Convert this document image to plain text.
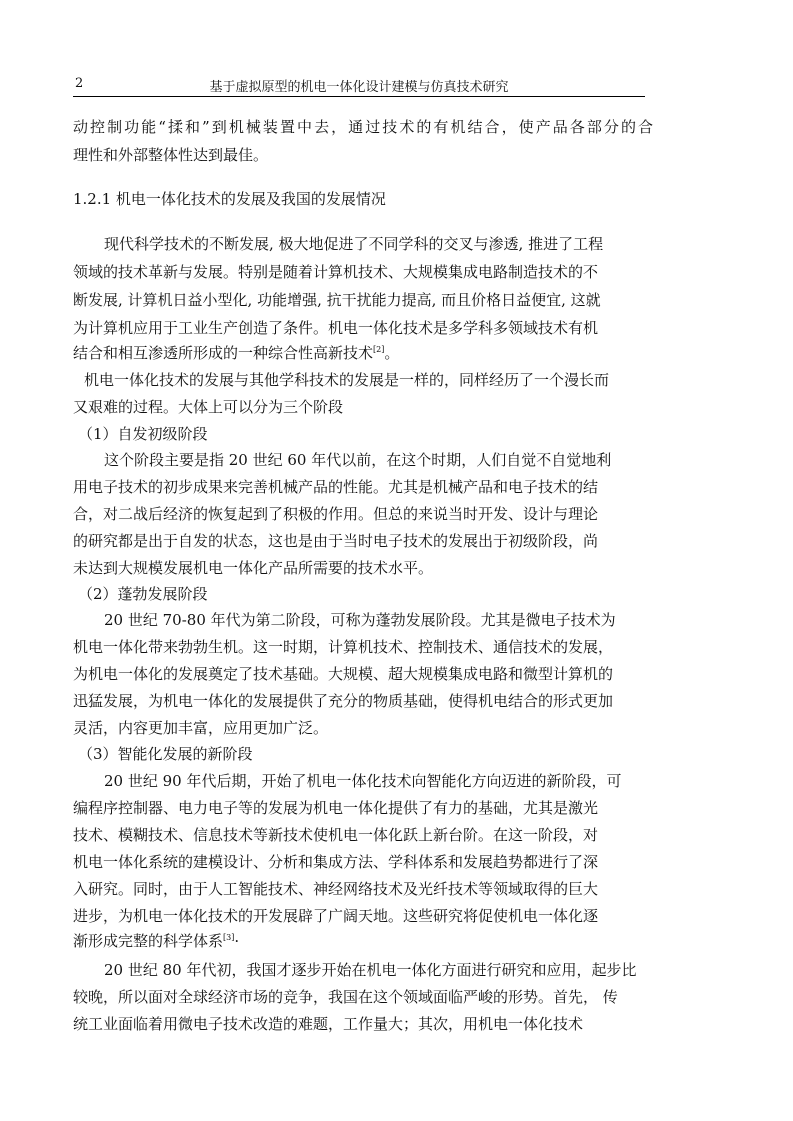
2	基于虚拟原型的机电一体化设计建模与仿真技术研究
动控制功能“揉和”到机械装置中去，通过技术的有机结合，使产品各部分的合
理性和外部整体性达到最佳。
1.2.1 机电一体化技术的发展及我国的发展情况
现代科学技术的不断发展, 极大地促进了不同学科的交叉与渗透, 推进了工程
领域的技术革新与发展。特别是随着计算机技术、大规模集成电路制造技术的不
断发展, 计算机日益小型化, 功能增强, 抗干扰能力提高, 而且价格日益便宜, 这就
为计算机应用于工业生产创造了条件。机电一体化技术是多学科多领域技术有机
结合和相互渗透所形成的一种综合性高新技术[2]。
机电一体化技术的发展与其他学科技术的发展是一样的，同样经历了一个漫长而
又艰难的过程。大体上可以分为三个阶段
（1）自发初级阶段
这个阶段主要是指 20 世纪 60 年代以前，在这个时期，人们自觉不自觉地利
用电子技术的初步成果来完善机械产品的性能。尤其是机械产品和电子技术的结
合，对二战后经济的恢复起到了积极的作用。但总的来说当时开发、设计与理论
的研究都是出于自发的状态，这也是由于当时电子技术的发展出于初级阶段，尚
未达到大规模发展机电一体化产品所需要的技术水平。
（2）蓬勃发展阶段
20 世纪 70-80 年代为第二阶段，可称为蓬勃发展阶段。尤其是微电子技术为
机电一体化带来勃勃生机。这一时期，计算机技术、控制技术、通信技术的发展，
为机电一体化的发展奠定了技术基础。大规模、超大规模集成电路和微型计算机的
迅猛发展，为机电一体化的发展提供了充分的物质基础，使得机电结合的形式更加
灵活，内容更加丰富，应用更加广泛。
（3）智能化发展的新阶段
20 世纪 90 年代后期，开始了机电一体化技术向智能化方向迈进的新阶段，可
编程序控制器、电力电子等的发展为机电一体化提供了有力的基础，尤其是激光
技术、模糊技术、信息技术等新技术使机电一体化跃上新台阶。在这一阶段，对
机电一体化系统的建模设计、分析和集成方法、学科体系和发展趋势都进行了深
入研究。同时，由于人工智能技术、神经网络技术及光纤技术等领域取得的巨大
进步，为机电一体化技术的开发展辟了广阔天地。这些研究将促使机电一体化逐
渐形成完整的科学体系[3]·
20 世纪 80 年代初，我国才逐步开始在机电一体化方面进行研究和应用，起步比
较晚，所以面对全球经济市场的竞争，我国在这个领域面临严峻的形势。首先， 传
统工业面临着用微电子技术改造的难题，工作量大；其次，用机电一体化技术
